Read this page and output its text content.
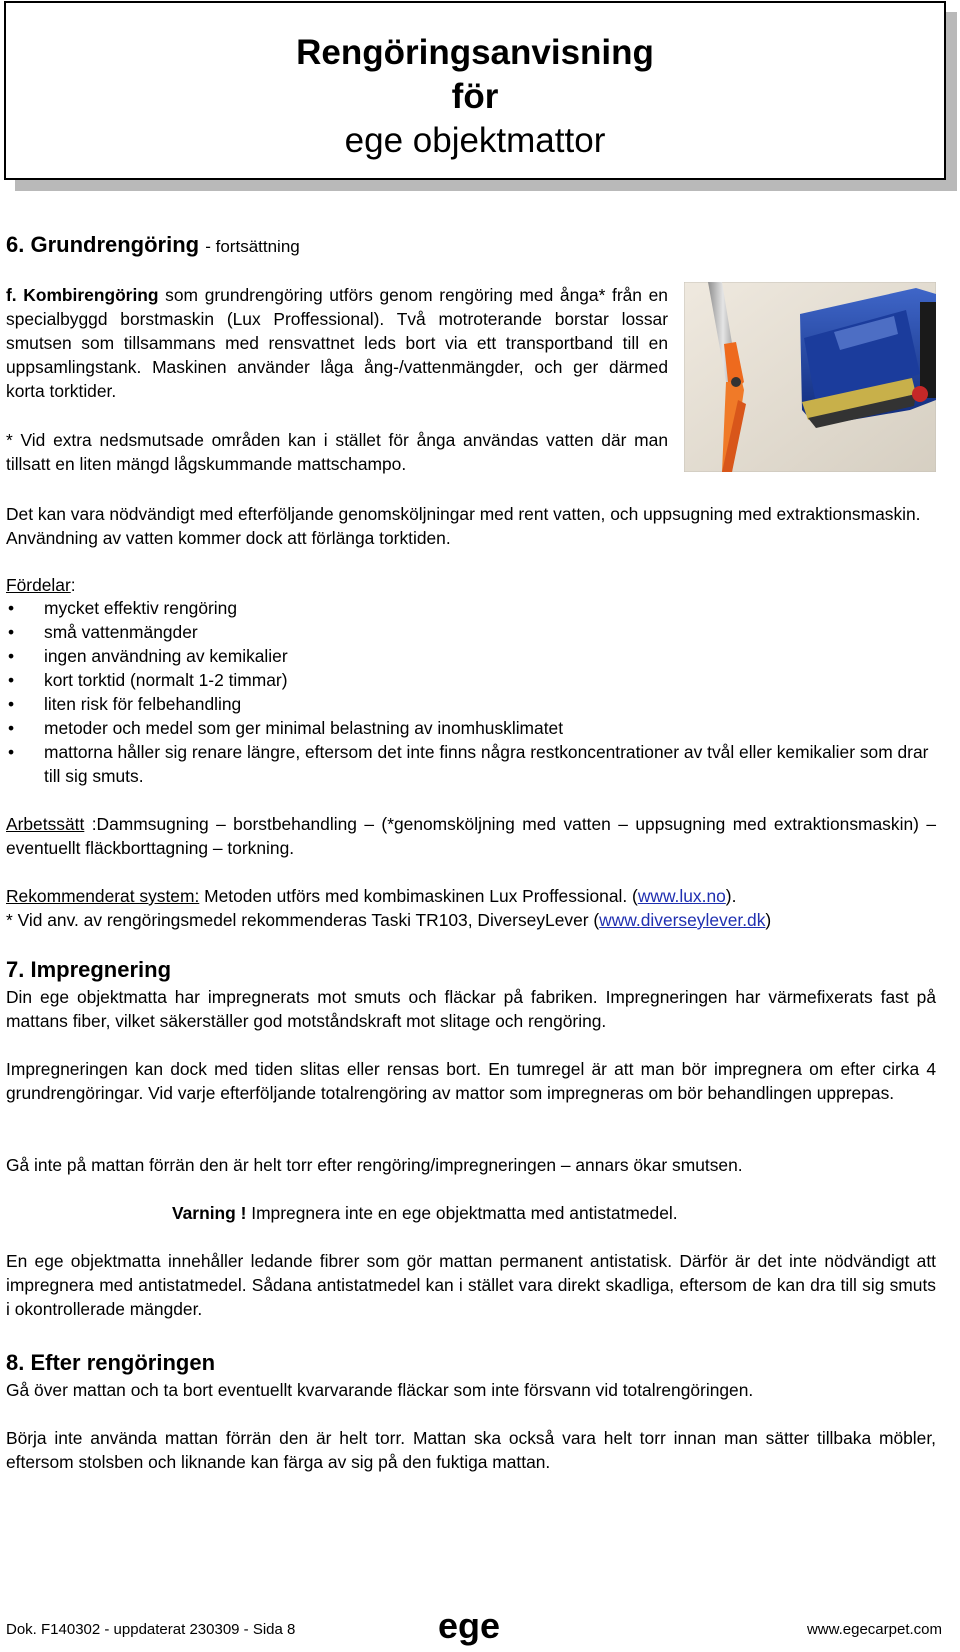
Rengöringsanvisning
för
ege objektmattor
6. Grundrengöring - fortsättning

f. Kombirengöring som grundrengöring utförs genom rengöring med ånga* från en specialbyggd borstmaskin (Lux Proffessional). Två motroterande borstar lossar smutsen som tillsammans med rensvattnet leds bort via ett transportband till en uppsamlingstank. Maskinen använder låga ång-/vattenmängder, och ger därmed korta torktider.

* Vid extra nedsmutsade områden kan i stället för ånga användas vatten där man tillsatt en liten mängd lågskummande mattschampo.

Det kan vara nödvändigt med efterföljande genomsköljningar med rent vatten, och uppsugning med extraktionsmaskin. Användning av vatten kommer dock att förlänga torktiden.

Fördelar:

• mycket effektiv rengöring
• små vattenmängder
• ingen användning av kemikalier
• kort torktid (normalt 1-2 timmar)
• liten risk för felbehandling
• metoder och medel som ger minimal belastning av inomhusklimatet
• mattorna håller sig renare längre, eftersom det inte finns några restkoncentrationer av tvål eller kemikalier som drar till sig smuts.

Arbetssätt :Dammsugning – borstbehandling – (*genomsköljning med vatten – uppsugning med extraktionsmaskin) – eventuellt fläckborttagning – torkning.

Rekommenderat system: Metoden utförs med kombimaskinen Lux Proffessional. (www.lux.no).

* Vid anv. av rengöringsmedel rekommenderas Taski TR103, DiverseyLever (www.diverseylever.dk)

7. Impregnering

Din ege objektmatta har impregnerats mot smuts och fläckar på fabriken. Impregneringen har värmefixerats fast på mattans fiber, vilket säkerställer god motståndskraft mot slitage och rengöring.

Impregneringen kan dock med tiden slitas eller rensas bort. En tumregel är att man bör impregnera om efter cirka 4 grundrengöringar. Vid varje efterföljande totalrengöring av mattor som impregneras om bör behandlingen upprepas.

Gå inte på mattan förrän den är helt torr efter rengöring/impregneringen – annars ökar smutsen.

Varning ! Impregnera inte en ege objektmatta med antistatmedel.

En ege objektmatta innehåller ledande fibrer som gör mattan permanent antistatisk. Därför är det inte nödvändigt att impregnera med antistatmedel. Sådana antistatmedel kan i stället vara direkt skadliga, eftersom de kan dra till sig smuts i okontrollerade mängder.

8. Efter rengöringen

Gå över mattan och ta bort eventuellt kvarvarande fläckar som inte försvann vid totalrengöringen.

Börja inte använda mattan förrän den är helt torr. Mattan ska också vara helt torr innan man sätter tillbaka möbler, eftersom stolsben och liknande kan färga av sig på den fuktiga mattan.

Dok. F140302 - uppdaterat 230309 - Sida 8	ege	www.egecarpet.com
